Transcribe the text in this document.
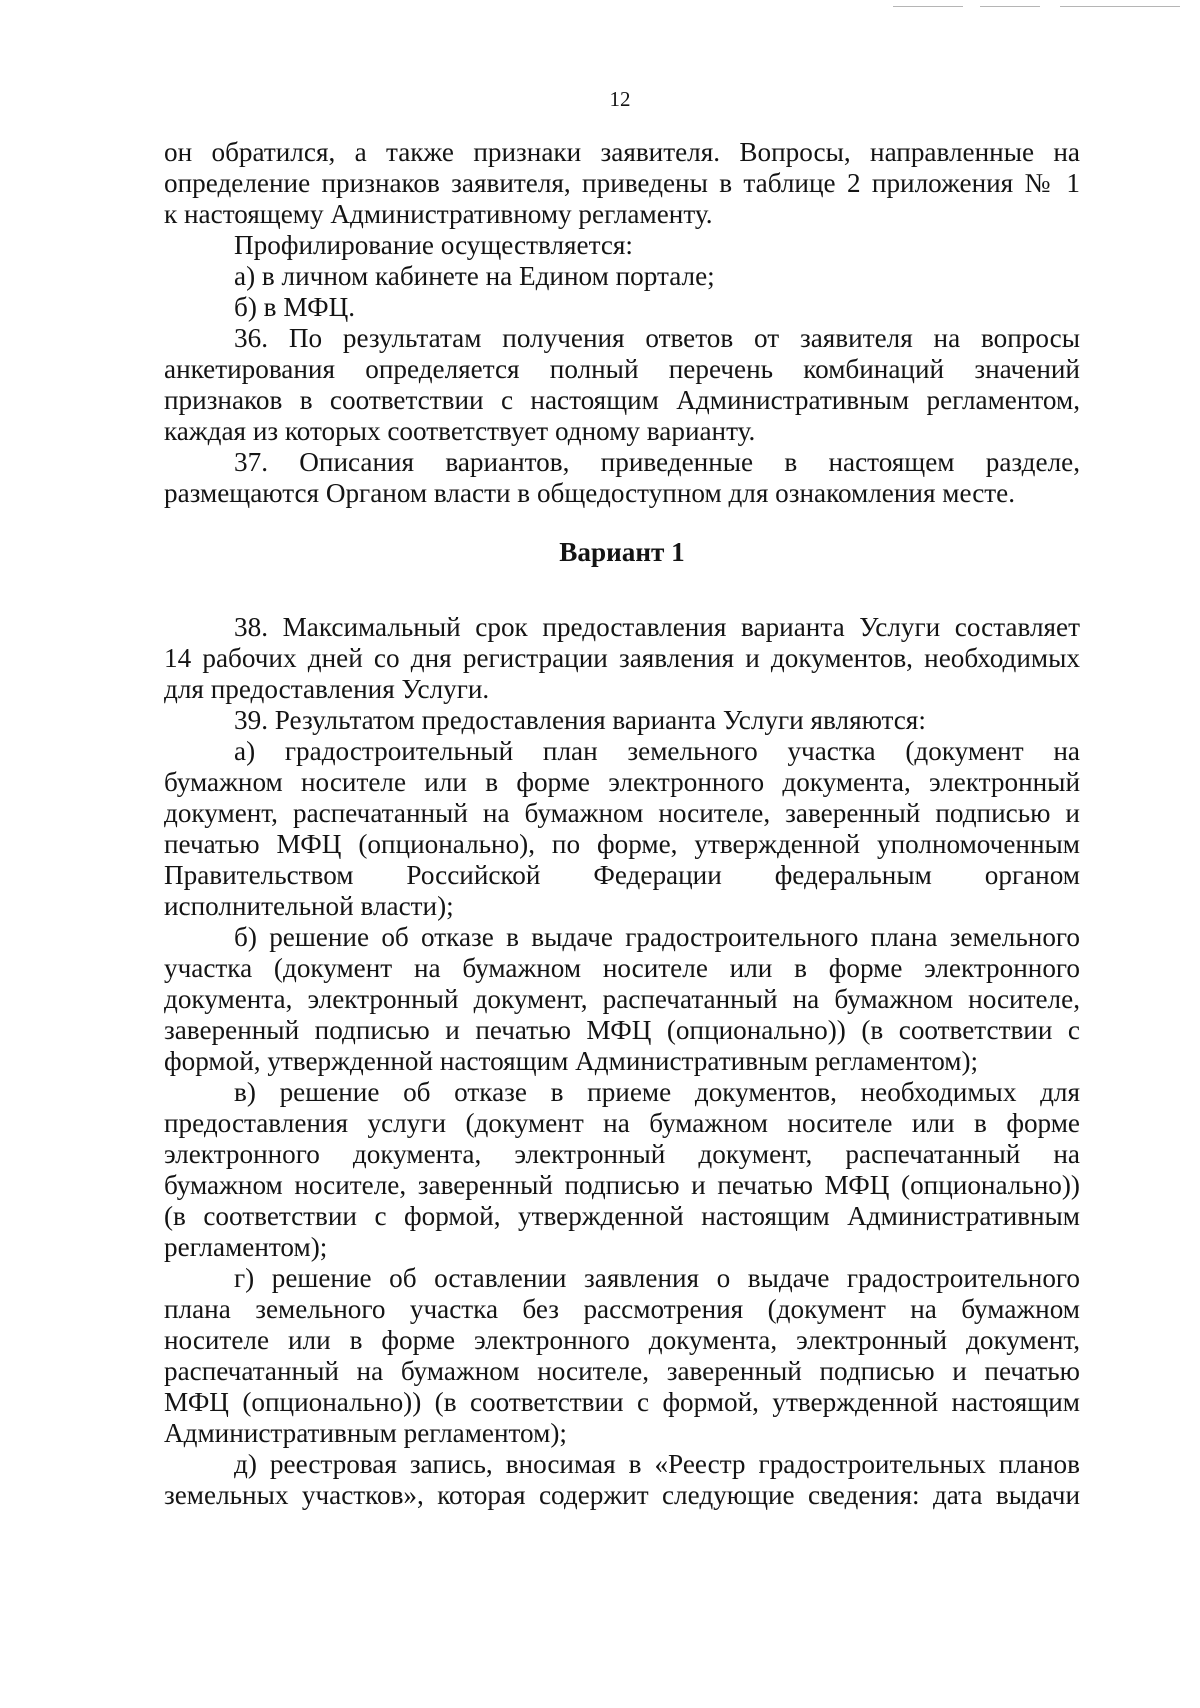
12
он обратился, а также признаки заявителя. Вопросы, направленные на
определение признаков заявителя, приведены в таблице 2 приложения № 1
к настоящему Административному регламенту.
Профилирование осуществляется:
а) в личном кабинете на Едином портале;
б) в МФЦ.
36. По результатам получения ответов от заявителя на вопросы
анкетирования определяется полный перечень комбинаций значений
признаков в соответствии с настоящим Административным регламентом,
каждая из которых соответствует одному варианту.
37. Описания вариантов, приведенные в настоящем разделе,
размещаются Органом власти в общедоступном для ознакомления месте.
Вариант 1
38. Максимальный срок предоставления варианта Услуги составляет
14 рабочих дней со дня регистрации заявления и документов, необходимых
для предоставления Услуги.
39. Результатом предоставления варианта Услуги являются:
а) градостроительный план земельного участка (документ на
бумажном носителе или в форме электронного документа, электронный
документ, распечатанный на бумажном носителе, заверенный подписью и
печатью МФЦ (опционально), по форме, утвержденной уполномоченным
Правительством Российской Федерации федеральным органом
исполнительной власти);
б) решение об отказе в выдаче градостроительного плана земельного
участка (документ на бумажном носителе или в форме электронного
документа, электронный документ, распечатанный на бумажном носителе,
заверенный подписью и печатью МФЦ (опционально)) (в соответствии с
формой, утвержденной настоящим Административным регламентом);
в) решение об отказе в приеме документов, необходимых для
предоставления услуги (документ на бумажном носителе или в форме
электронного документа, электронный документ, распечатанный на
бумажном носителе, заверенный подписью и печатью МФЦ (опционально))
(в соответствии с формой, утвержденной настоящим Административным
регламентом);
г) решение об оставлении заявления о выдаче градостроительного
плана земельного участка без рассмотрения (документ на бумажном
носителе или в форме электронного документа, электронный документ,
распечатанный на бумажном носителе, заверенный подписью и печатью
МФЦ (опционально)) (в соответствии с формой, утвержденной настоящим
Административным регламентом);
д) реестровая запись, вносимая в «Реестр градостроительных планов
земельных участков», которая содержит следующие сведения: дата выдачи
